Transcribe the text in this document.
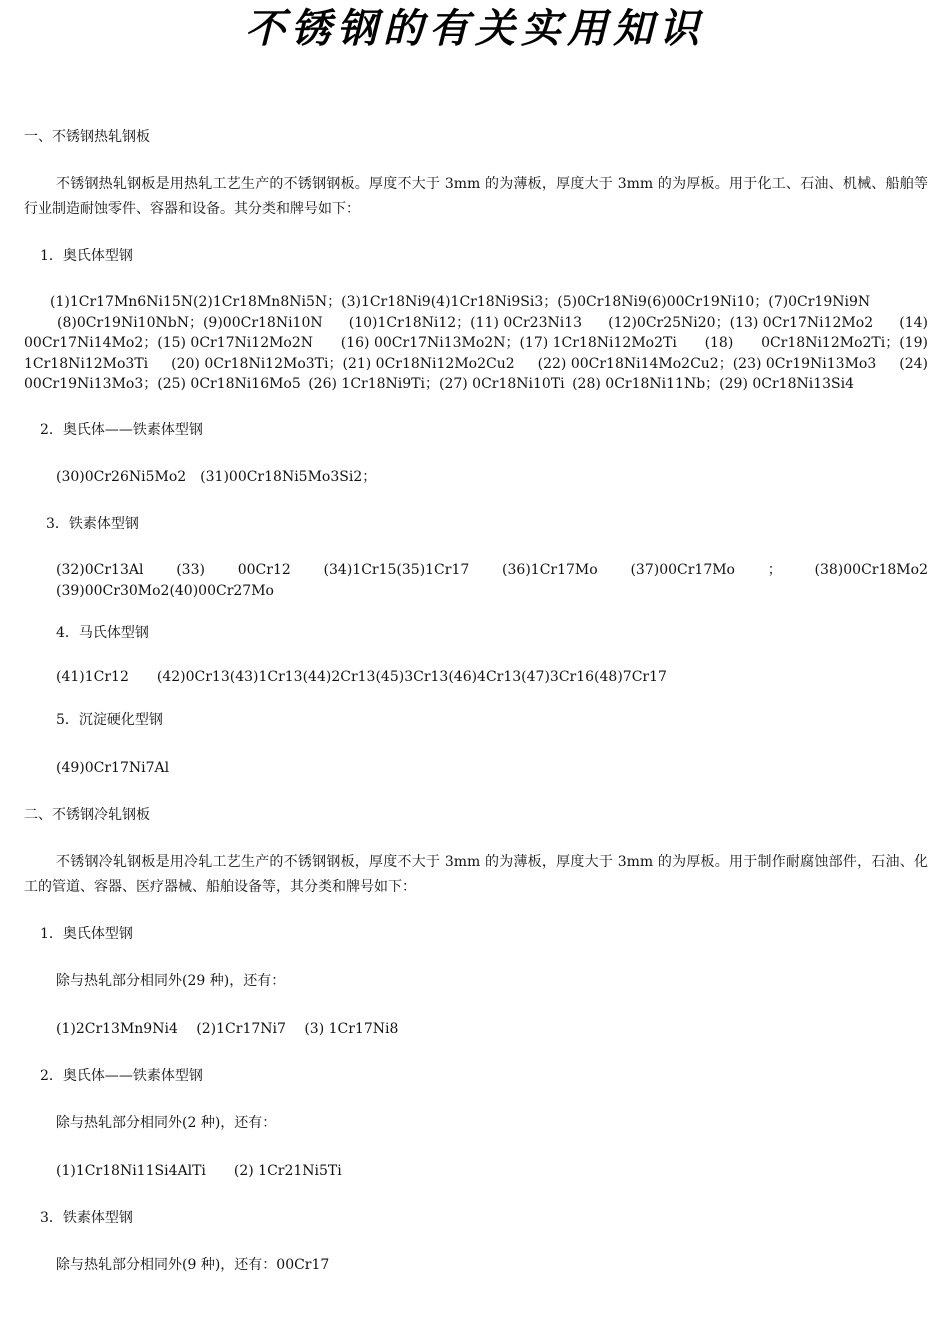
不锈钢的有关实用知识
一、不锈钢热轧钢板
不锈钢热轧钢板是用热轧工艺生产的不锈钢钢板。厚度不大于 3mm 的为薄板，厚度大于 3mm 的为厚板。用于化工、石油、机械、船舶等行业制造耐蚀零件、容器和设备。其分类和牌号如下：
1．奥氏体型钢
(1)1Cr17Mn6Ni15N(2)1Cr18Mn8Ni5N；(3)1Cr18Ni9(4)1Cr18Ni9Si3；(5)0Cr18Ni9(6)00Cr19Ni10；(7)0Cr19Ni9N
(8)0Cr19Ni10NbN；(9)00Cr18Ni10N (10)1Cr18Ni12；(11) 0Cr23Ni13 (12)0Cr25Ni20；(13) 0Cr17Ni12Mo2 (14)
00Cr17Ni14Mo2；(15) 0Cr17Ni12Mo2N (16) 00Cr17Ni13Mo2N；(17) 1Cr18Ni12Mo2Ti (18) 0Cr18Ni12Mo2Ti；(19)
1Cr18Ni12Mo3Ti (20) 0Cr18Ni12Mo3Ti；(21) 0Cr18Ni12Mo2Cu2 (22) 00Cr18Ni14Mo2Cu2；(23) 0Cr19Ni13Mo3 (24)
00Cr19Ni13Mo3；(25) 0Cr18Ni16Mo5 (26) 1Cr18Ni9Ti；(27) 0Cr18Ni10Ti (28) 0Cr18Ni11Nb；(29) 0Cr18Ni13Si4
2．奥氏体——铁素体型钢
(30)0Cr26Ni5Mo2　(31)00Cr18Ni5Mo3Si2；
3．铁素体型钢
(32)0Cr13Al (33) 00Cr12 (34)1Cr15(35)1Cr17 (36)1Cr17Mo (37)00Cr17Mo ； (38)00Cr18Mo2
(39)00Cr30Mo2(40)00Cr27Mo
4．马氏体型钢
(41)1Cr12　　(42)0Cr13(43)1Cr13(44)2Cr13(45)3Cr13(46)4Cr13(47)3Cr16(48)7Cr17
5．沉淀硬化型钢
(49)0Cr17Ni7Al
二、不锈钢冷轧钢板
不锈钢冷轧钢板是用冷轧工艺生产的不锈钢钢板，厚度不大于 3mm 的为薄板，厚度大于 3mm 的为厚板。用于制作耐腐蚀部件，石油、化工的管道、容器、医疗器械、船舶设备等，其分类和牌号如下：
1．奥氏体型钢
除与热轧部分相同外(29 种)，还有：
(1)2Cr13Mn9Ni4　 (2)1Cr17Ni7　 (3) 1Cr17Ni8
2．奥氏体——铁素体型钢
除与热轧部分相同外(2 种)，还有：
(1)1Cr18Ni11Si4AlTi　　(2) 1Cr21Ni5Ti
3．铁素体型钢
除与热轧部分相同外(9 种)，还有：00Cr17
